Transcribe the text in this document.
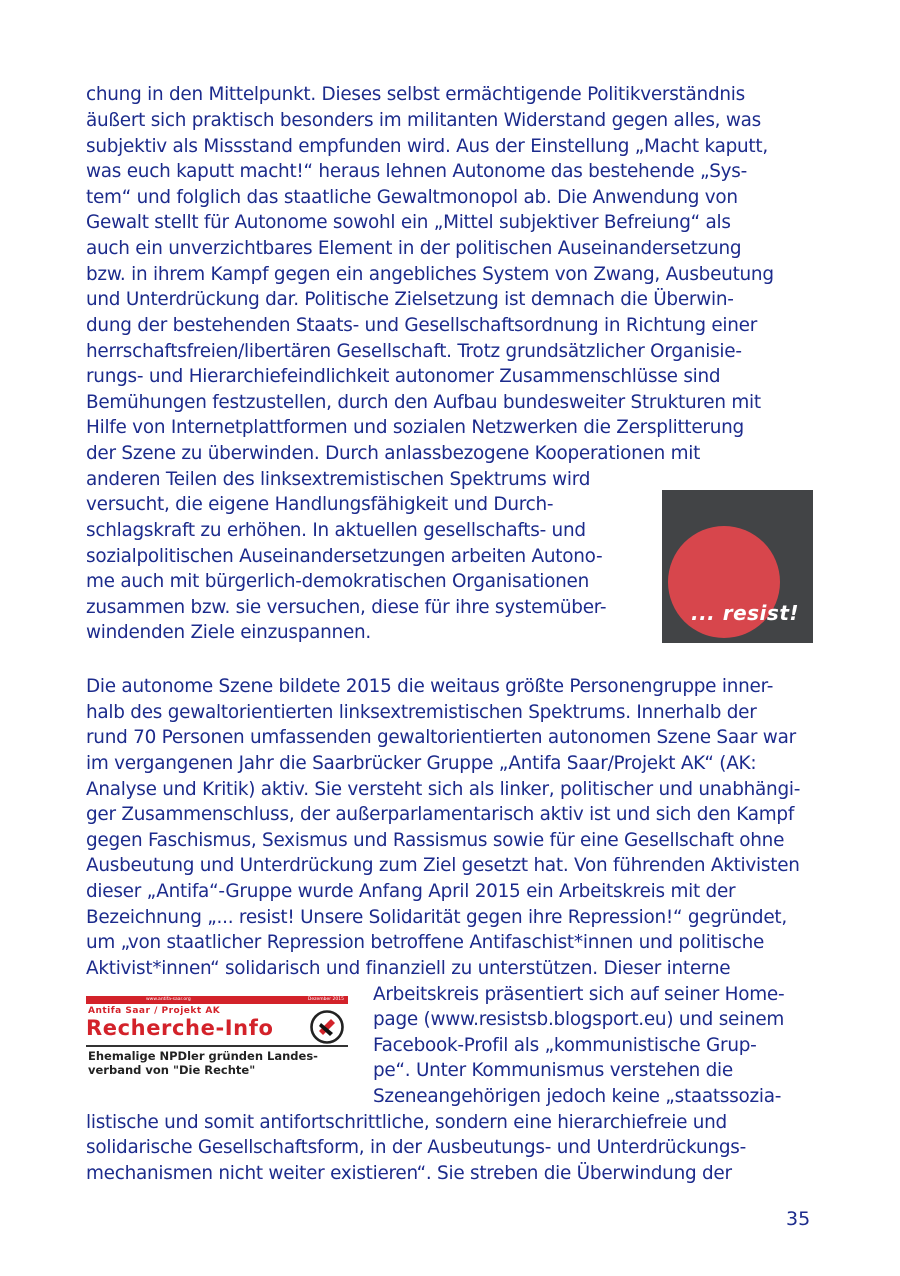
chung in den Mittelpunkt. Dieses selbst ermächtigende Politikverständnis
äußert sich praktisch besonders im militanten Widerstand gegen alles, was
subjektiv als Missstand empfunden wird. Aus der Einstellung „Macht kaputt,
was euch kaputt macht!“ heraus lehnen Autonome das bestehende „Sys-
tem“ und folglich das staatliche Gewaltmonopol ab. Die Anwendung von
Gewalt stellt für Autonome sowohl ein „Mittel subjektiver Befreiung“ als
auch ein unverzichtbares Element in der politischen Auseinandersetzung
bzw. in ihrem Kampf gegen ein angebliches System von Zwang, Ausbeutung
und Unterdrückung dar. Politische Zielsetzung ist demnach die Überwin-
dung der bestehenden Staats- und Gesellschaftsordnung in Richtung einer
herrschaftsfreien/libertären Gesellschaft. Trotz grundsätzlicher Organisie-
rungs- und Hierarchiefeindlichkeit autonomer Zusammenschlüsse sind
Bemühungen festzustellen, durch den Aufbau bundesweiter Strukturen mit
Hilfe von Internetplattformen und sozialen Netzwerken die Zersplitterung
der Szene zu überwinden. Durch anlassbezogene Kooperationen mit
anderen Teilen des linksextremistischen Spektrums wird
versucht, die eigene Handlungsfähigkeit und Durch-
schlagskraft zu erhöhen. In aktuellen gesellschafts- und
sozialpolitischen Auseinandersetzungen arbeiten Autono-
me auch mit bürgerlich-demokratischen Organisationen
zusammen bzw. sie versuchen, diese für ihre systemüber-
windenden Ziele einzuspannen.
... resist!
Die autonome Szene bildete 2015 die weitaus größte Personengruppe inner-
halb des gewaltorientierten linksextremistischen Spektrums. Innerhalb der
rund 70 Personen umfassenden gewaltorientierten autonomen Szene Saar war
im vergangenen Jahr die Saarbrücker Gruppe „Antifa Saar/Projekt AK“ (AK:
Analyse und Kritik) aktiv. Sie versteht sich als linker, politischer und unabhängi-
ger Zusammenschluss, der außerparlamentarisch aktiv ist und sich den Kampf
gegen Faschismus, Sexismus und Rassismus sowie für eine Gesellschaft ohne
Ausbeutung und Unterdrückung zum Ziel gesetzt hat. Von führenden Aktivisten
dieser „Antifa“-Gruppe wurde Anfang April 2015 ein Arbeitskreis mit der
Bezeichnung „... resist! Unsere Solidarität gegen ihre Repression!“ gegründet,
um „von staatlicher Repression betroffene Antifaschist*innen und politische
Aktivist*innen“ solidarisch und finanziell zu unterstützen. Dieser interne
Arbeitskreis präsentiert sich auf seiner Home-
page (www.resistsb.blogsport.eu) und seinem
Facebook-Profil als „kommunistische Grup-
pe“. Unter Kommunismus verstehen die
Szeneangehörigen jedoch keine „staatssozia-
listische und somit antifortschrittliche, sondern eine hierarchiefreie und
solidarische Gesellschaftsform, in der Ausbeutungs- und Unterdrückungs-
mechanismen nicht weiter existieren“. Sie streben die Überwindung der
www.antifa-saar.org	Dezember 2015
Antifa Saar / Projekt AK
Recherche-Info
Ehemalige NPDler gründen Landes-
verband von "Die Rechte"
35
